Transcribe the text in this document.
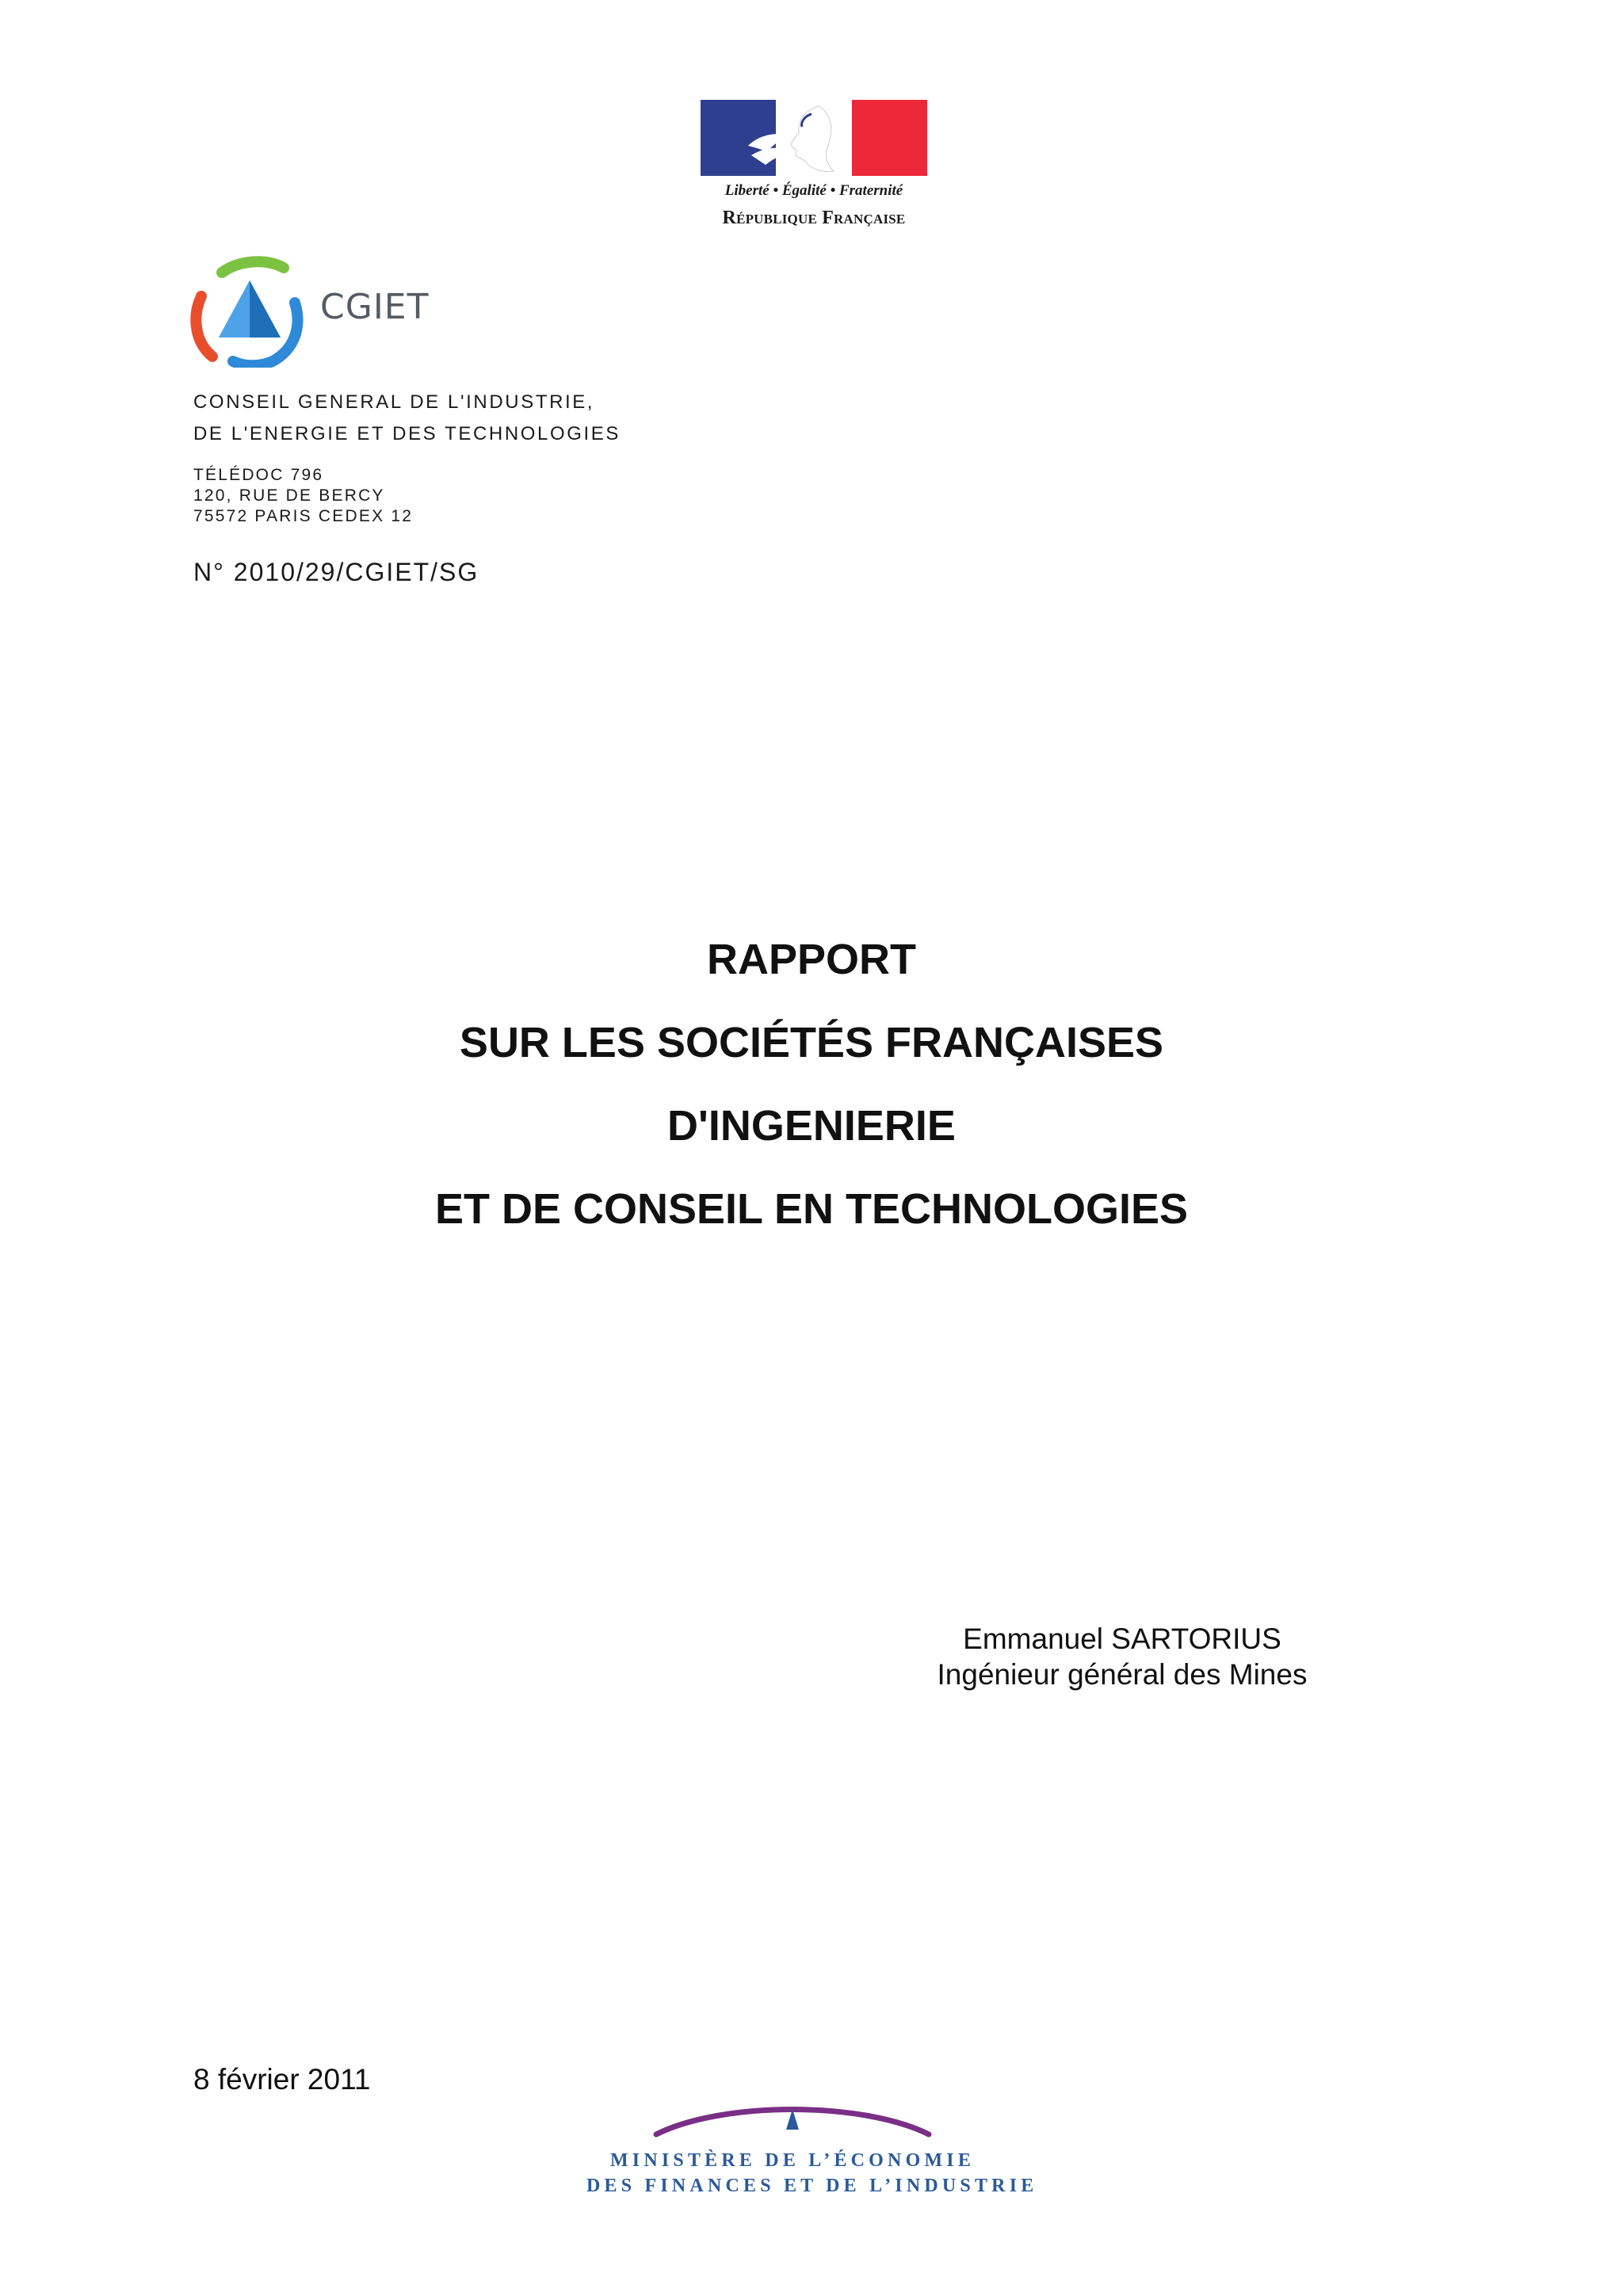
Liberté • Égalité • Fraternité
République Française
CGIET
CONSEIL GENERAL DE L'INDUSTRIE,
DE L'ENERGIE ET DES TECHNOLOGIES
TÉLÉDOC 796
120, RUE DE BERCY
75572 PARIS CEDEX 12
N° 2010/29/CGIET/SG
RAPPORT
SUR LES SOCIÉTÉS FRANÇAISES
D'INGENIERIE
ET DE CONSEIL EN TECHNOLOGIES
Emmanuel SARTORIUS
Ingénieur général des Mines
8 février 2011
MINISTÈRE DE L’ÉCONOMIE
DES FINANCES ET DE L’INDUSTRIE
